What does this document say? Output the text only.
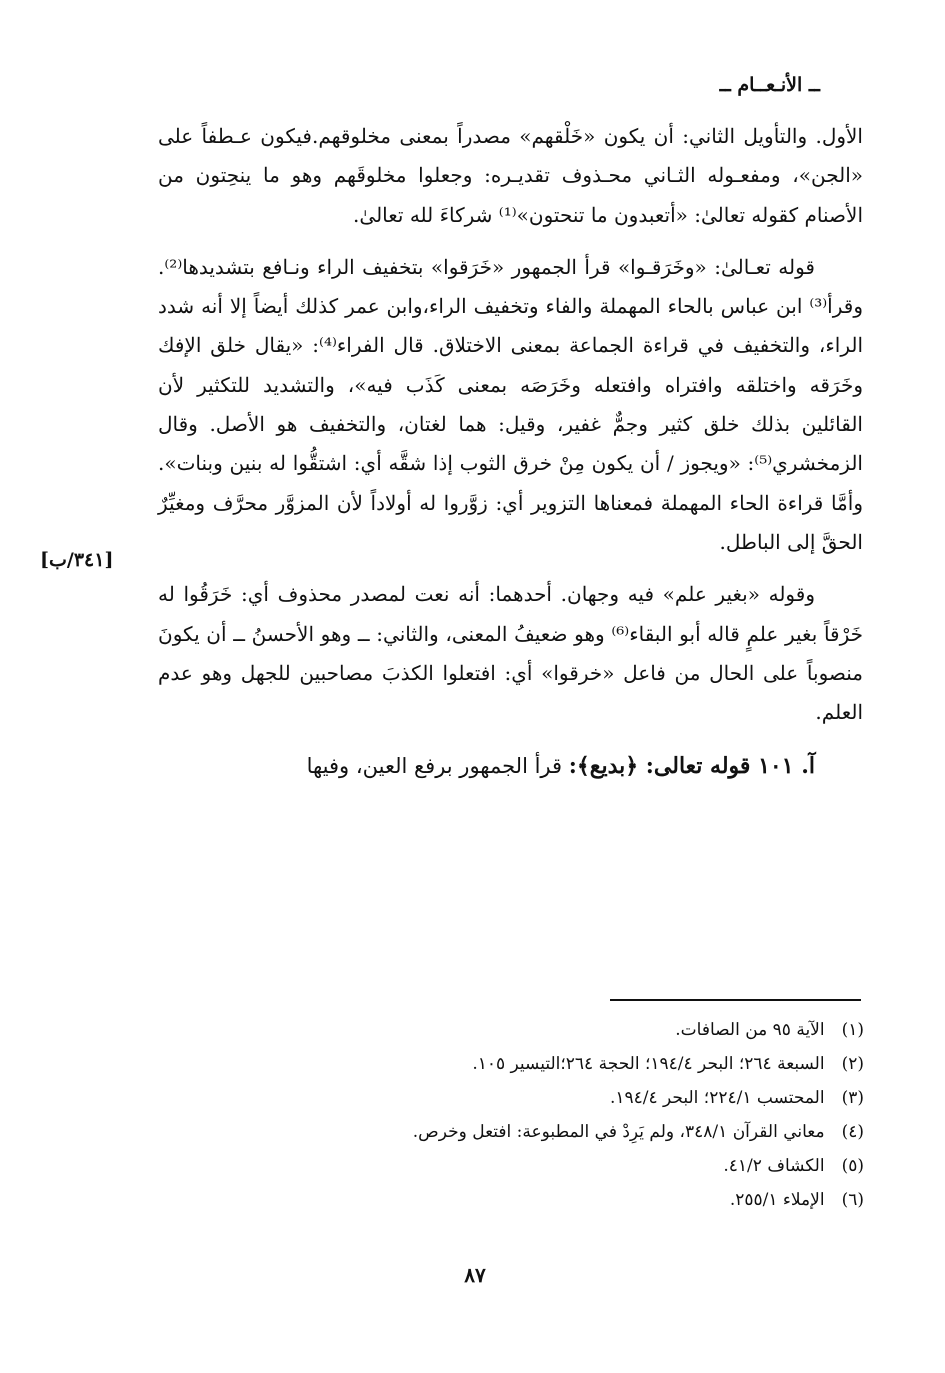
ــ الأنـعــام ــ
[٣٤١/ب]

الأول. والتأويل الثاني: أن يكون «خَلْقهم» مصدراً بمعنى مخلوقهم.فيكون عـطفاً على «الجن»، ومفعـوله الثـاني محـذوف تقديـره: وجعلوا مخلوقَهم وهو ما ينحِتون من الأصنام كقوله تعالىٰ: «أتعبدون ما تنحتون»⁽¹⁾ شركاءَ لله تعالىٰ.

قوله تعـالىٰ: «وخَرَقـوا» قرأ الجمهور «خَرَقوا» بتخفيف الراء ونـافع بتشديدها⁽²⁾. وقرأ⁽³⁾ ابن عباس بالحاء المهملة والفاء وتخفيف الراء،وابن عمر كذلك أيضاً إلا أنه شدد الراء، والتخفيف في قراءة الجماعة بمعنى الاختلاق. قال الفراء⁽⁴⁾: «يقال خلق الإفك وخَرَقه واختلقه وافتراه وافتعله وخَرَصَه بمعنى كَذَب فيه»، والتشديد للتكثير لأن القائلين بذلك خلق كثير وجمٌّ غفير، وقيل: هما لغتان، والتخفيف هو الأصل. وقال الزمخشري⁽⁵⁾: «ويجوز / أن يكون مِنْ خرق الثوب إذا شقَّه أي: اشتقُّوا له بنين وبنات». وأمَّا قراءة الحاء المهملة فمعناها التزوير أي: زوَّروا له أولاداً لأن المزوَّر محرَّف ومغيِّرٌ الحقَّ إلى الباطل.

وقوله «بغير علم» فيه وجهان. أحدهما: أنه نعت لمصدر محذوف أي: خَرَقُوا له خَرْقاً بغير علمٍ قاله أبو البقاء⁽⁶⁾ وهو ضعيفُ المعنى، والثاني: ــ وهو الأحسنُ ــ أن يكونَ منصوباً على الحال من فاعل «خرقوا» أي: افتعلوا الكذبَ مصاحبين للجهل وهو عدم العلم.

آ. ١٠١ قوله تعالى: ﴿بديع﴾: قرأ الجمهور برفع العين، وفيها

(١) الآية ٩٥ من الصافات.
(٢) السبعة ٢٦٤؛ البحر ١٩٤/٤؛ الحجة ٢٦٤؛التيسير ١٠٥.
(٣) المحتسب ٢٢٤/١؛ البحر ١٩٤/٤.
(٤) معاني القرآن ٣٤٨/١، ولم يَرِدْ في المطبوعة: افتعل وخرص.
(٥) الكشاف ٤١/٢.
(٦) الإملاء ٢٥٥/١.
٨٧
